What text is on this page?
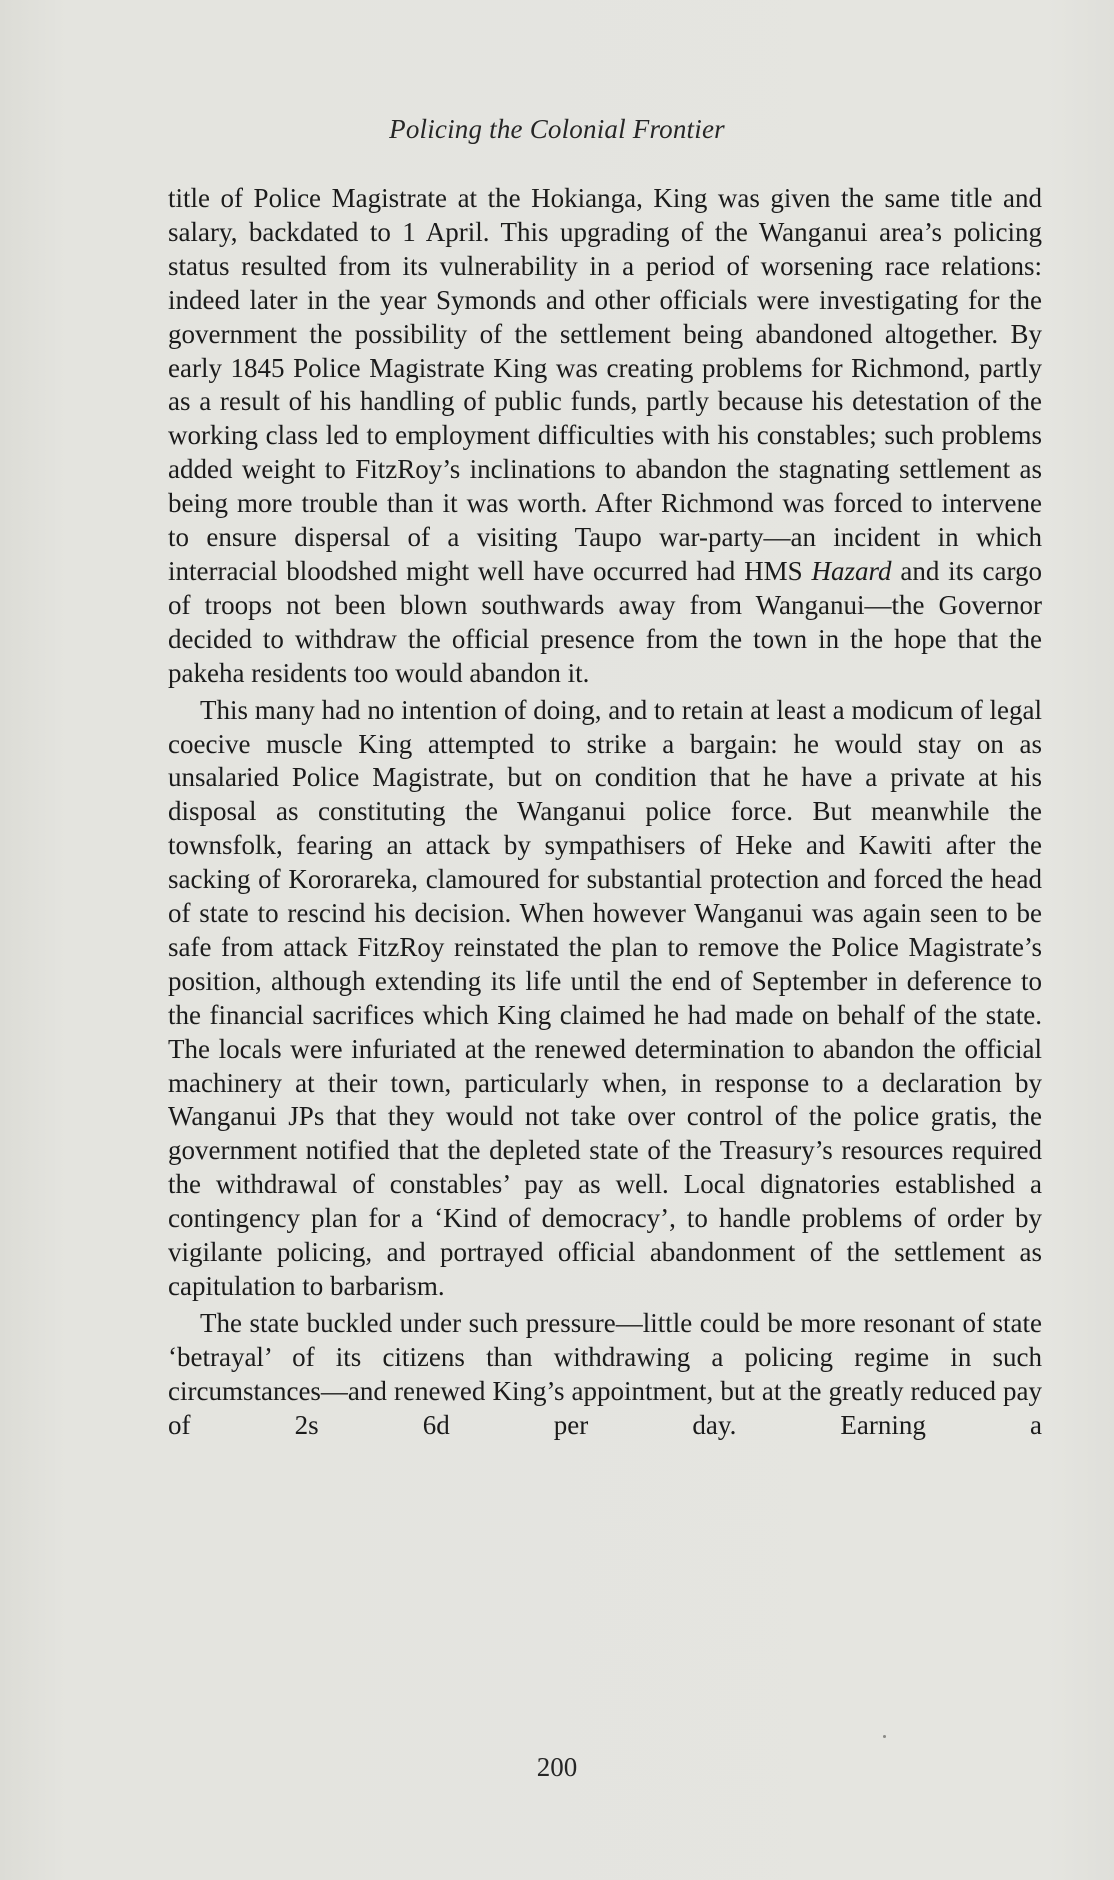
Policing the Colonial Frontier

title of Police Magistrate at the Hokianga, King was given the same title and salary, backdated to 1 April. This upgrading of the Wanganui area’s policing status resulted from its vulnerability in a period of worsening race relations: indeed later in the year Symonds and other officials were investigating for the government the possibility of the settlement being abandoned altogether. By early 1845 Police Magistrate King was creating problems for Richmond, partly as a result of his handling of public funds, partly because his detestation of the working class led to employment difficulties with his constables; such problems added weight to FitzRoy’s inclinations to abandon the stagnating settlement as being more trouble than it was worth. After Richmond was forced to intervene to ensure dispersal of a visiting Taupo war-party—an incident in which interracial bloodshed might well have occurred had HMS Hazard and its cargo of troops not been blown southwards away from Wanganui—the Governor decided to withdraw the official presence from the town in the hope that the pakeha residents too would abandon it.

This many had no intention of doing, and to retain at least a modicum of legal coecive muscle King attempted to strike a bargain: he would stay on as unsalaried Police Magistrate, but on condition that he have a private at his disposal as constituting the Wanganui police force. But meanwhile the townsfolk, fearing an attack by sympathisers of Heke and Kawiti after the sacking of Kororareka, clamoured for substantial protection and forced the head of state to rescind his decision. When however Wanganui was again seen to be safe from attack FitzRoy reinstated the plan to remove the Police Magistrate’s position, although extending its life until the end of September in deference to the financial sacrifices which King claimed he had made on behalf of the state. The locals were infuriated at the renewed determination to abandon the official machinery at their town, particularly when, in response to a declaration by Wanganui JPs that they would not take over control of the police gratis, the government notified that the depleted state of the Treasury’s resources required the withdrawal of constables’ pay as well. Local dignatories established a contingency plan for a ‘Kind of democracy’, to handle problems of order by vigilante policing, and portrayed official abandonment of the settlement as capitulation to barbarism.

The state buckled under such pressure—little could be more resonant of state ‘betrayal’ of its citizens than withdrawing a policing regime in such circumstances—and renewed King’s appointment, but at the greatly reduced pay of 2s 6d per day. Earning a

200
